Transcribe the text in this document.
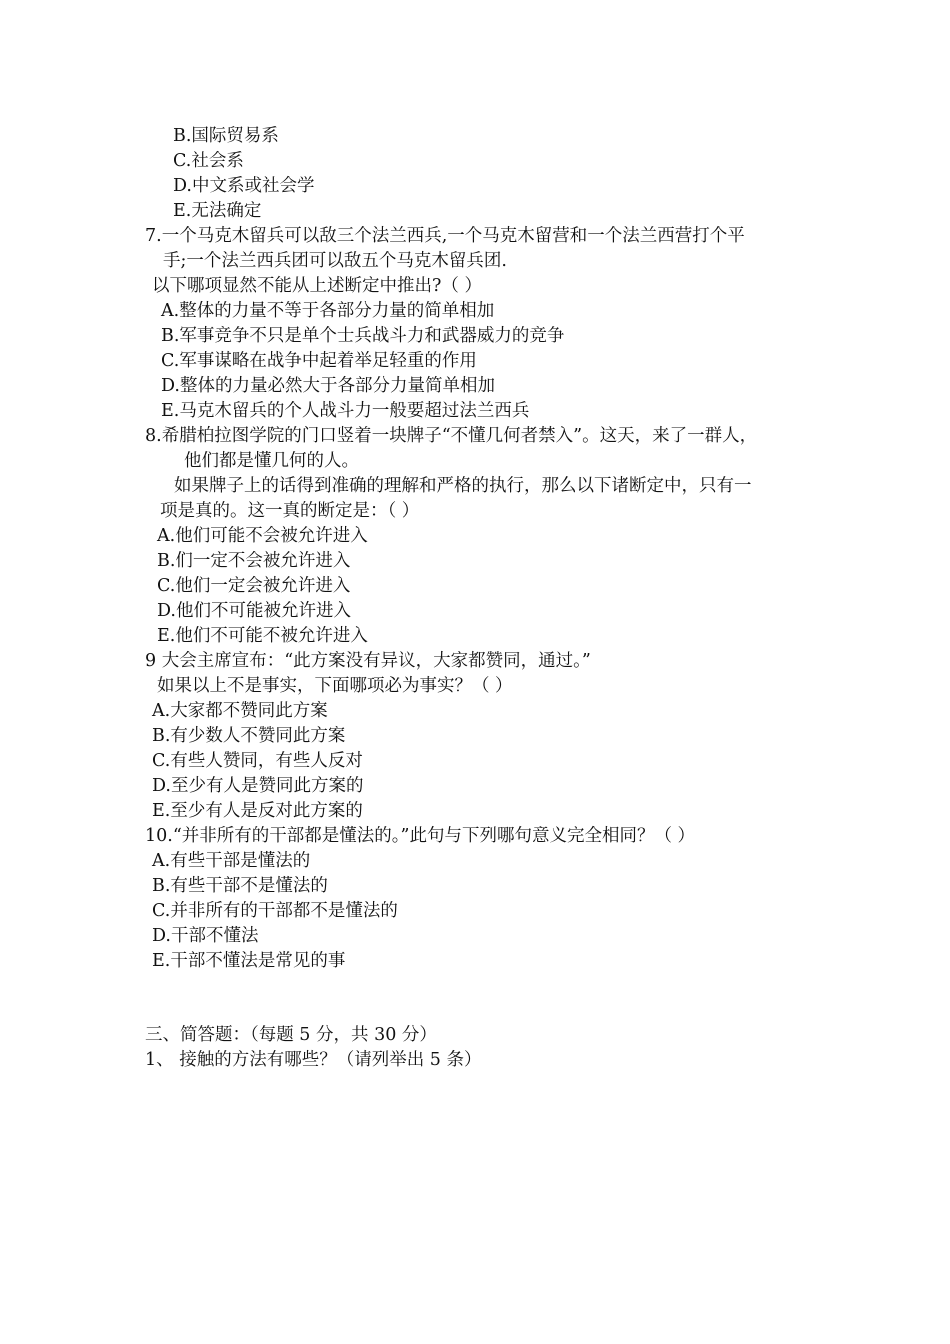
B.国际贸易系
C.社会系
D.中文系或社会学
E.无法确定
7.一个马克木留兵可以敌三个法兰西兵,一个马克木留营和一个法兰西营打个平
手;一个法兰西兵团可以敌五个马克木留兵团.
以下哪项显然不能从上述断定中推出?（ ）
A.整体的力量不等于各部分力量的简单相加
B.军事竞争不只是单个士兵战斗力和武器威力的竞争
C.军事谋略在战争中起着举足轻重的作用
D.整体的力量必然大于各部分力量简单相加
E.马克木留兵的个人战斗力一般要超过法兰西兵
8.希腊柏拉图学院的门口竖着一块牌子“不懂几何者禁入”。这天，来了一群人，
他们都是懂几何的人。
如果牌子上的话得到准确的理解和严格的执行，那么以下诸断定中，只有一
项是真的。这一真的断定是：（ ）
A.他们可能不会被允许进入
B.们一定不会被允许进入
C.他们一定会被允许进入
D.他们不可能被允许进入
E.他们不可能不被允许进入
9 大会主席宣布：“此方案没有异议，大家都赞同，通过。”
如果以上不是事实，下面哪项必为事实？（ ）
A.大家都不赞同此方案
B.有少数人不赞同此方案
C.有些人赞同，有些人反对
D.至少有人是赞同此方案的
E.至少有人是反对此方案的
10.“并非所有的干部都是懂法的。”此句与下列哪句意义完全相同？（ ）
A.有些干部是懂法的
B.有些干部不是懂法的
C.并非所有的干部都不是懂法的
D.干部不懂法
E.干部不懂法是常见的事
三、简答题：（每题 5 分，共 30 分）
1、 接触的方法有哪些？（请列举出 5 条）
